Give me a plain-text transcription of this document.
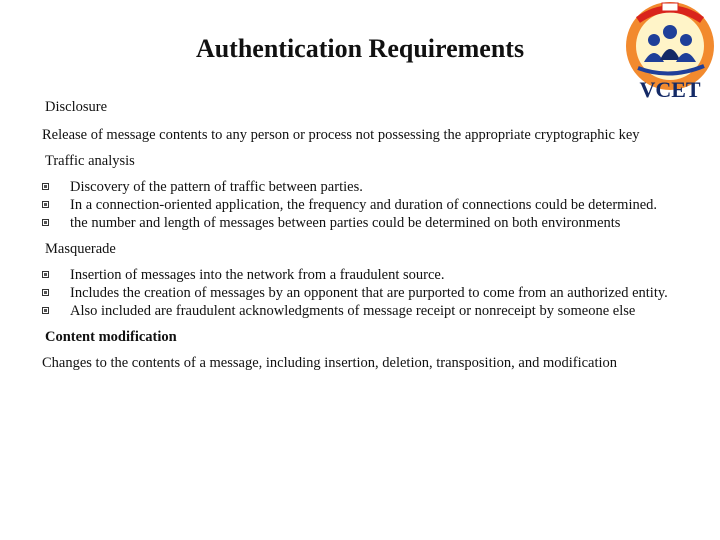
Authentication Requirements
VCET
Disclosure

Release of message contents to any person or process not possessing the appropriate cryptographic key

Traffic analysis
Discovery of the pattern of traffic between parties.
In a connection-oriented application, the frequency and duration of connections could be determined.
the number and length of messages between parties could be determined on both environments
Masquerade
Insertion of messages into the network from a fraudulent source.
Includes the creation of messages by an opponent that are purported to come from an authorized entity.
Also included are fraudulent acknowledgments of message receipt or nonreceipt by someone else
Content modification

Changes to the contents of a message, including insertion, deletion, transposition, and modification
